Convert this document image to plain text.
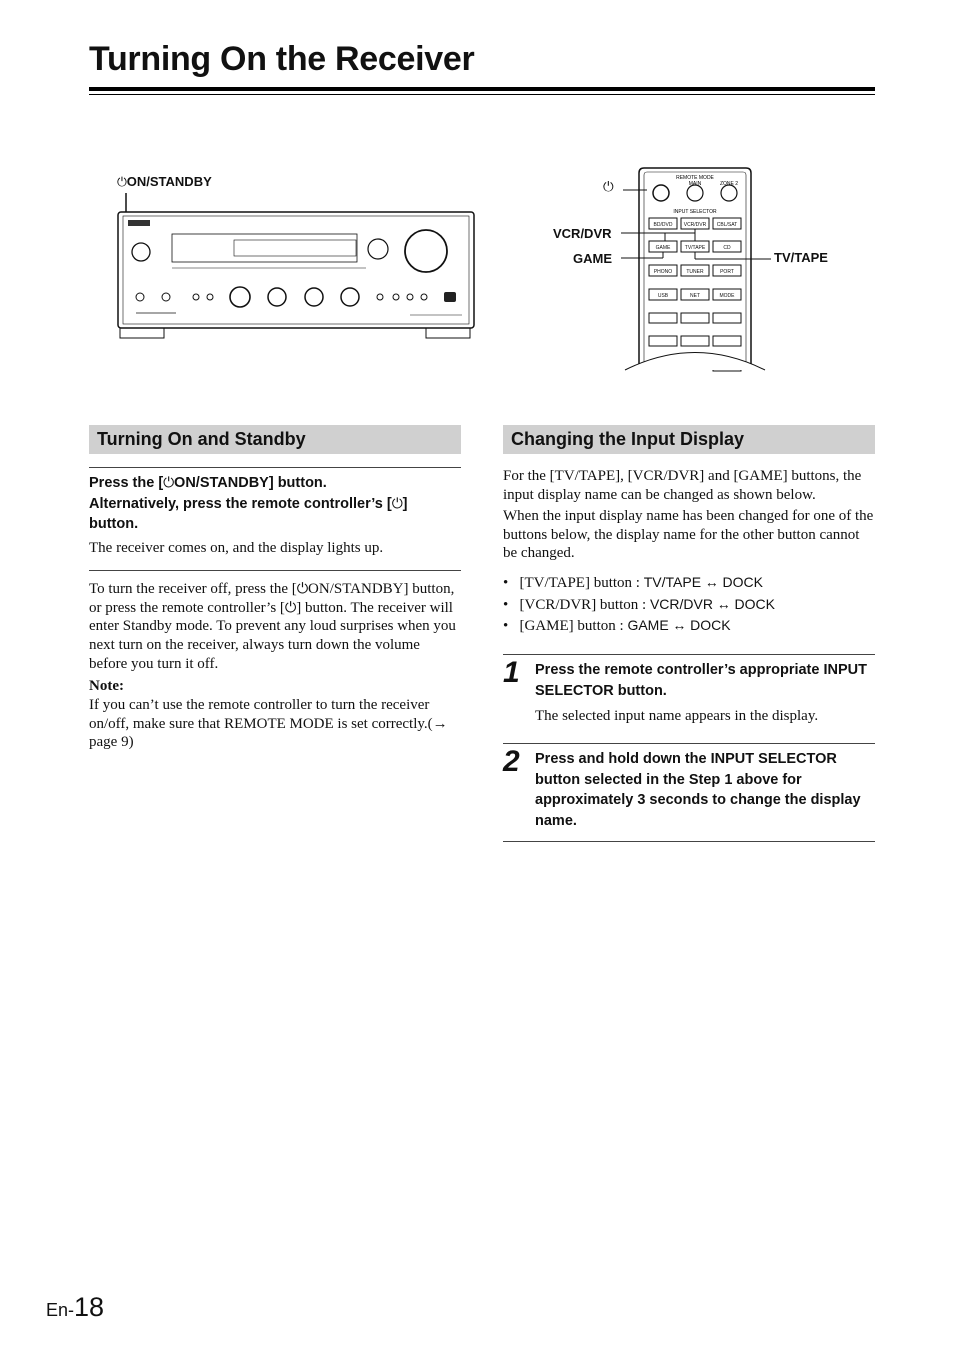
Turning On the Receiver
⏻ON/STANDBY	⏻
VCR/DVR
GAME	TV/TAPE
REMOTE MODE
MAIN	ZONE 2
INPUT SELECTOR
BD/DVD VCR/DVR CBL/SAT
GAME	TV/TAPE	CD
PHONO	TUNER	PORT
USB	NET	MODE
Turning On and Standby
Press the [⏻ON/STANDBY] button.
Alternatively, press the remote controller’s [⏻]
button.
The receiver comes on, and the display lights up.
To turn the receiver off, press the [⏻ON/STANDBY] button, or press the remote controller’s [⏻] button. The receiver will enter Standby mode. To prevent any loud surprises when you next turn on the receiver, always turn down the volume before you turn it off.
Note:
If you can’t use the remote controller to turn the receiver on/off, make sure that REMOTE MODE is set correctly.(→ page 9)
Changing the Input Display
For the [TV/TAPE], [VCR/DVR] and [GAME] buttons, the input display name can be changed as shown below.
When the input display name has been changed for one of the buttons below, the display name for the other button cannot be changed.
• [TV/TAPE] button : TV/TAPE ↔ DOCK
• [VCR/DVR] button : VCR/DVR ↔ DOCK
• [GAME] button : GAME ↔ DOCK
1 Press the remote controller’s appropriate INPUT SELECTOR button.
The selected input name appears in the display.
2 Press and hold down the INPUT SELECTOR button selected in the Step 1 above for approximately 3 seconds to change the display name.
En-18
